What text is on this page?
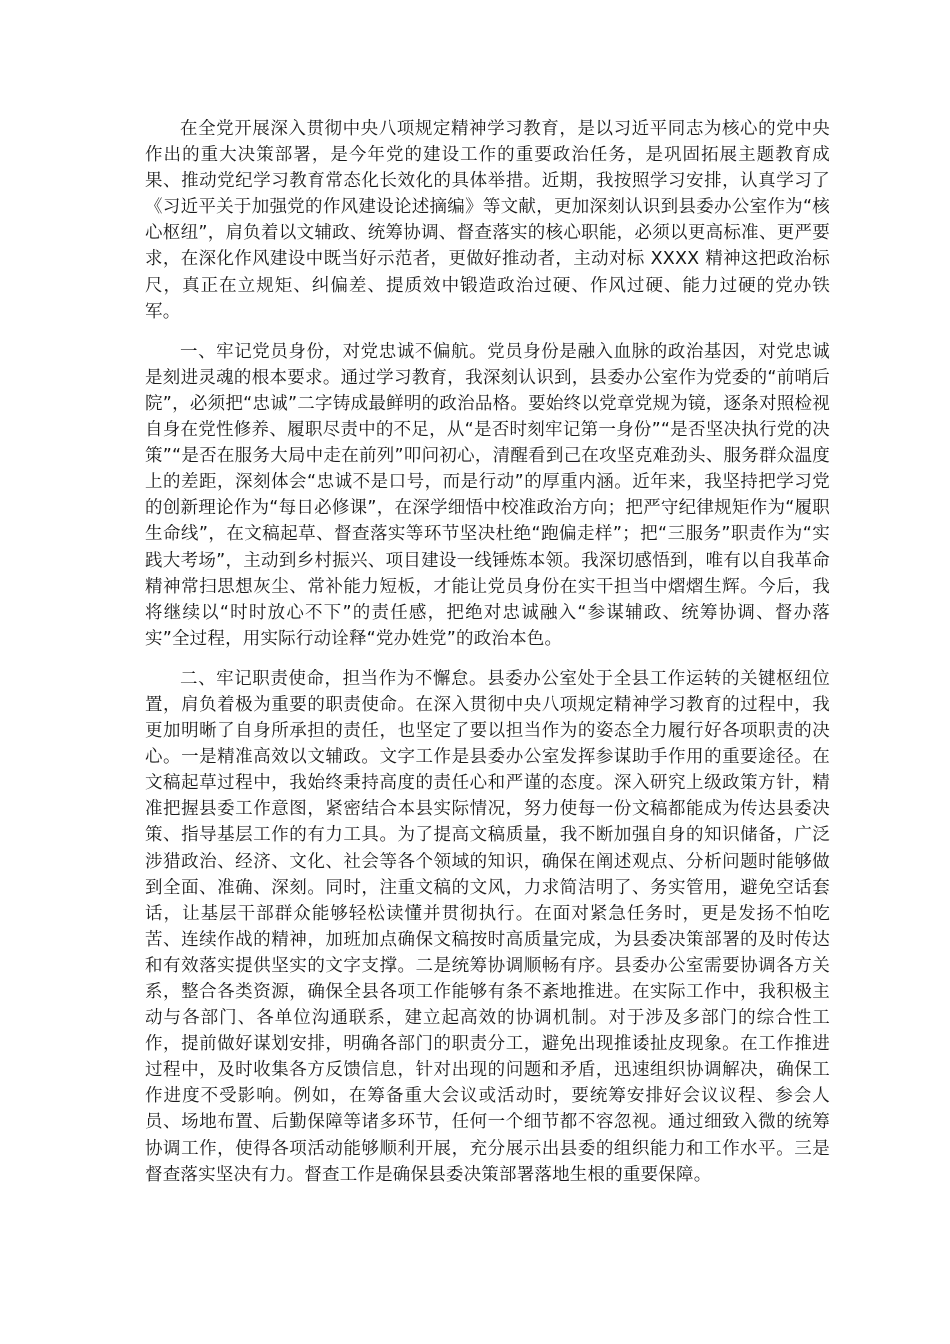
在全党开展深入贯彻中央八项规定精神学习教育，是以习近平同志为核心的党中央作出的重大决策部署，是今年党的建设工作的重要政治任务，是巩固拓展主题教育成果、推动党纪学习教育常态化长效化的具体举措。近期，我按照学习安排，认真学习了《习近平关于加强党的作风建设论述摘编》等文献，更加深刻认识到县委办公室作为“核心枢纽”，肩负着以文辅政、统筹协调、督查落实的核心职能，必须以更高标准、更严要求，在深化作风建设中既当好示范者，更做好推动者，主动对标 XXXX 精神这把政治标尺，真正在立规矩、纠偏差、提质效中锻造政治过硬、作风过硬、能力过硬的党办铁军。

一、牢记党员身份，对党忠诚不偏航。党员身份是融入血脉的政治基因，对党忠诚是刻进灵魂的根本要求。通过学习教育，我深刻认识到，县委办公室作为党委的“前哨后院”，必须把“忠诚”二字铸成最鲜明的政治品格。要始终以党章党规为镜，逐条对照检视自身在党性修养、履职尽责中的不足，从“是否时刻牢记第一身份”“是否坚决执行党的决策”“是否在服务大局中走在前列”叩问初心，清醒看到己在攻坚克难劲头、服务群众温度上的差距，深刻体会“忠诚不是口号，而是行动”的厚重内涵。近年来，我坚持把学习党的创新理论作为“每日必修课”，在深学细悟中校准政治方向；把严守纪律规矩作为“履职生命线”，在文稿起草、督查落实等环节坚决杜绝“跑偏走样”；把“三服务”职责作为“实践大考场”，主动到乡村振兴、项目建设一线锤炼本领。我深切感悟到，唯有以自我革命精神常扫思想灰尘、常补能力短板，才能让党员身份在实干担当中熠熠生辉。今后，我将继续以“时时放心不下”的责任感，把绝对忠诚融入“参谋辅政、统筹协调、督办落实”全过程，用实际行动诠释“党办姓党”的政治本色。

二、牢记职责使命，担当作为不懈怠。县委办公室处于全县工作运转的关键枢纽位置，肩负着极为重要的职责使命。在深入贯彻中央八项规定精神学习教育的过程中，我更加明晰了自身所承担的责任，也坚定了要以担当作为的姿态全力履行好各项职责的决心。一是精准高效以文辅政。文字工作是县委办公室发挥参谋助手作用的重要途径。在文稿起草过程中，我始终秉持高度的责任心和严谨的态度。深入研究上级政策方针，精准把握县委工作意图，紧密结合本县实际情况，努力使每一份文稿都能成为传达县委决策、指导基层工作的有力工具。为了提高文稿质量，我不断加强自身的知识储备，广泛涉猎政治、经济、文化、社会等各个领域的知识，确保在阐述观点、分析问题时能够做到全面、准确、深刻。同时，注重文稿的文风，力求简洁明了、务实管用，避免空话套话，让基层干部群众能够轻松读懂并贯彻执行。在面对紧急任务时，更是发扬不怕吃苦、连续作战的精神，加班加点确保文稿按时高质量完成，为县委决策部署的及时传达和有效落实提供坚实的文字支撑。二是统筹协调顺畅有序。县委办公室需要协调各方关系，整合各类资源，确保全县各项工作能够有条不紊地推进。在实际工作中，我积极主动与各部门、各单位沟通联系，建立起高效的协调机制。对于涉及多部门的综合性工作，提前做好谋划安排，明确各部门的职责分工，避免出现推诿扯皮现象。在工作推进过程中，及时收集各方反馈信息，针对出现的问题和矛盾，迅速组织协调解决，确保工作进度不受影响。例如，在筹备重大会议或活动时，要统筹安排好会议议程、参会人员、场地布置、后勤保障等诸多环节，任何一个细节都不容忽视。通过细致入微的统筹协调工作，使得各项活动能够顺利开展，充分展示出县委的组织能力和工作水平。三是督查落实坚决有力。督查工作是确保县委决策部署落地生根的重要保障。
